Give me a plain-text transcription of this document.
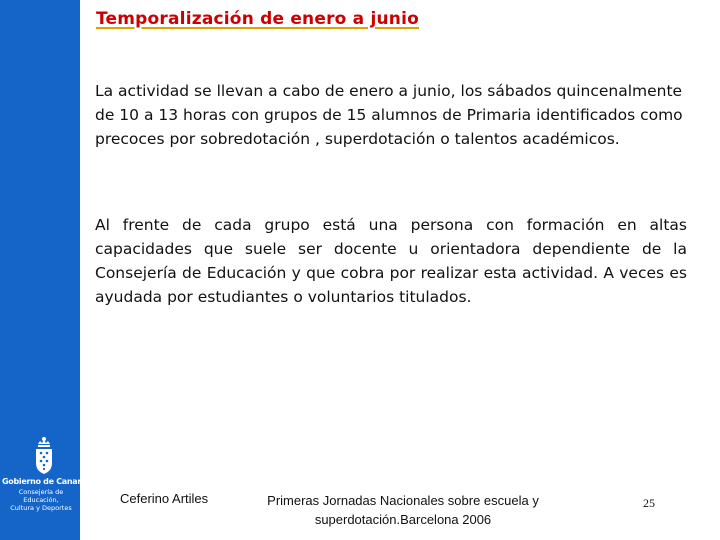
Gobierno de Canarias
Consejería de Educación,
Cultura y Deportes
Temporalización de enero a junio

La actividad se llevan a cabo de enero a junio, los sábados quincenalmente de 10 a 13 horas con grupos de 15 alumnos de Primaria identificados como precoces por sobredotación , superdotación o talentos académicos.

Al frente de cada grupo está una persona con formación en altas capacidades que suele ser docente u orientadora dependiente de la Consejería de Educación y que cobra por realizar esta actividad. A veces es ayudada por estudiantes o voluntarios titulados.

Ceferino Artiles	Primeras Jornadas Nacionales sobre escuela y superdotación.Barcelona 2006
25
